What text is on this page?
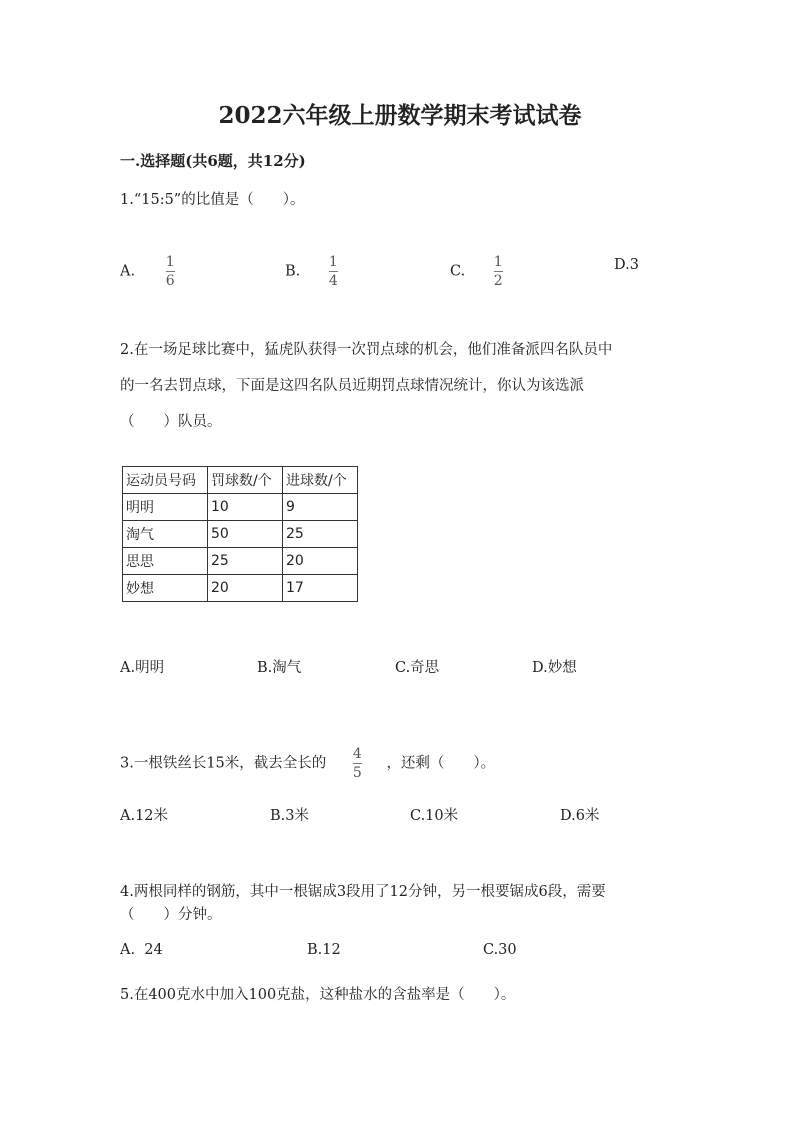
2022六年级上册数学期末考试试卷
一.选择题(共6题，共12分)
1.“15:5”的比值是（　　）。
A. $\frac{1}{6}$	B. $\frac{1}{4}$	C. $\frac{1}{2}$	D.3
2.在一场足球比赛中，猛虎队获得一次罚点球的机会，他们准备派四名队员中
的一名去罚点球，下面是这四名队员近期罚点球情况统计，你认为该选派
（　　）队员。
运动员号码	罚球数/个	进球数/个
明明	10	9
淘气	50	25
思思	25	20
妙想	20	17
A.明明	B.淘气	C.奇思	D.妙想
3.一根铁丝长15米，截去全长的 $\frac{4}{5}$ ，还剩（　　）。
A.12米	B.3米	C.10米	D.6米
4.两根同样的钢筋，其中一根锯成3段用了12分钟，另一根要锯成6段，需要
（　　）分钟。
A.  24	B.12	C.30
5.在400克水中加入100克盐，这种盐水的含盐率是（　　）。
